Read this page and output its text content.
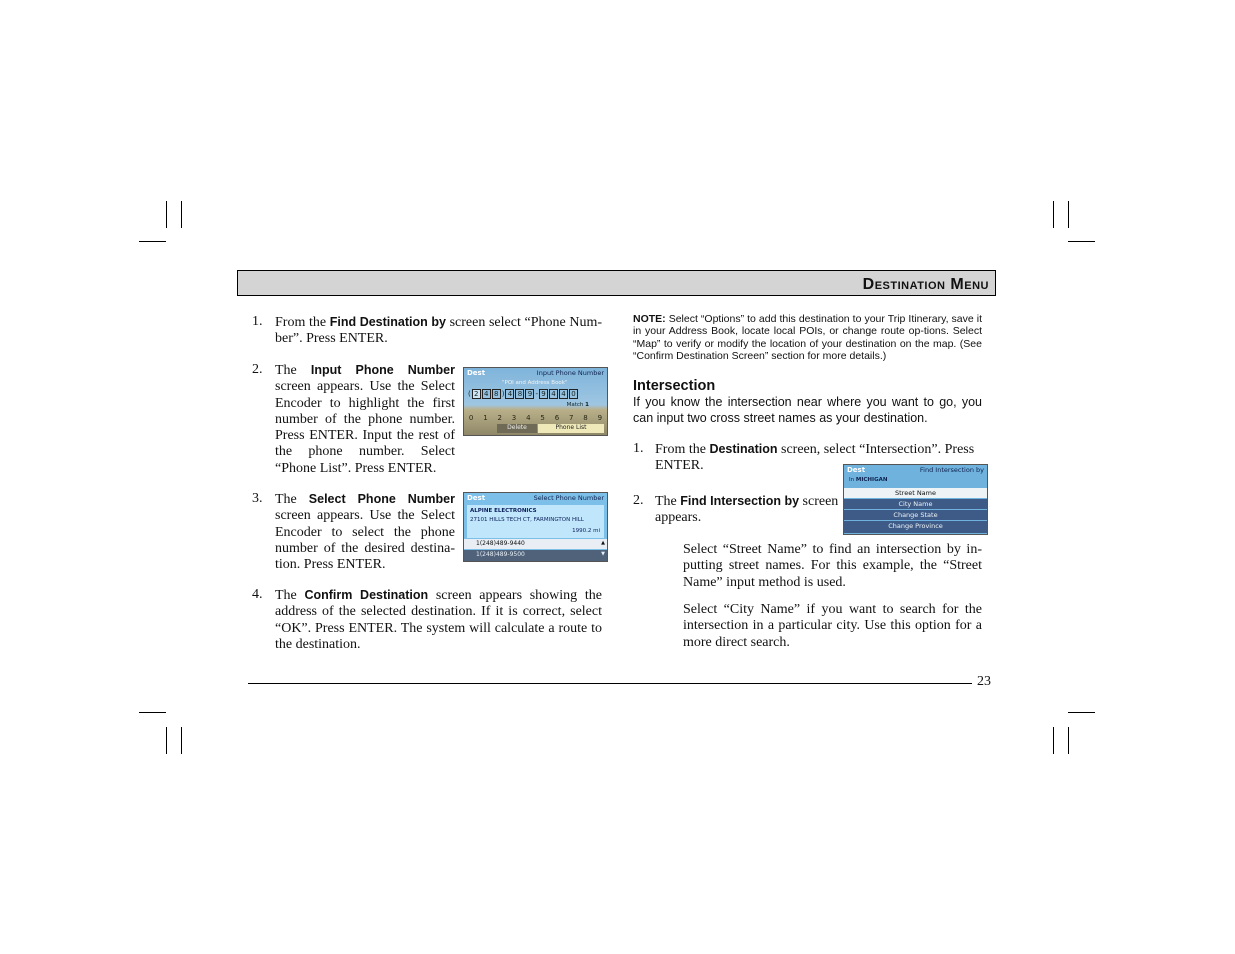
Destination Menu
1. From the Find Destination by screen select “Phone Num-ber”. Press ENTER.
2. The Input Phone Number screen appears. Use the Select Encoder to highlight the first number of the phone number. Press ENTER. Input the rest of the phone number. Select “Phone List”. Press ENTER.
3. The Select Phone Number screen appears. Use the Select Encoder to select the phone number of the desired destina-tion. Press ENTER.
4. The Confirm Destination screen appears showing the address of the selected destination. If it is correct, select “OK”. Press ENTER. The system will calculate a route to the destination.
Dest	Input Phone Number
"POI and Address Book"
( 2 4 8 ) 4 8 9 - 9 4 4 0
Match 1
0 1 2 3 4 5 6 7 8 9
Delete	Phone List
Dest	Select Phone Number
ALPINE ELECTRONICS
27101 HILLS TECH CT, FARMINGTON HILL
1990.2 mi
1(248)489-9440	▲
1(248)489-9500	▼
NOTE: Select “Options” to add this destination to your Trip Itinerary, save it in your Address Book, locate local POIs, or change route op-tions. Select “Map” to verify or modify the location of your destination on the map. (See “Confirm Destination Screen” section for more details.)
Intersection
If you know the intersection near where you want to go, you can input two cross street names as your destination.
1. From the Destination screen, select “Intersection”. Press ENTER.
2. The Find Intersection by screen appears.
Dest	Find Intersection by
In MICHIGAN
Street Name
City Name
Change State
Change Province
Select “Street Name” to find an intersection by in-putting street names. For this example, the “Street Name” input method is used.
Select “City Name” if you want to search for the intersection in a particular city. Use this option for a more direct search.
23
